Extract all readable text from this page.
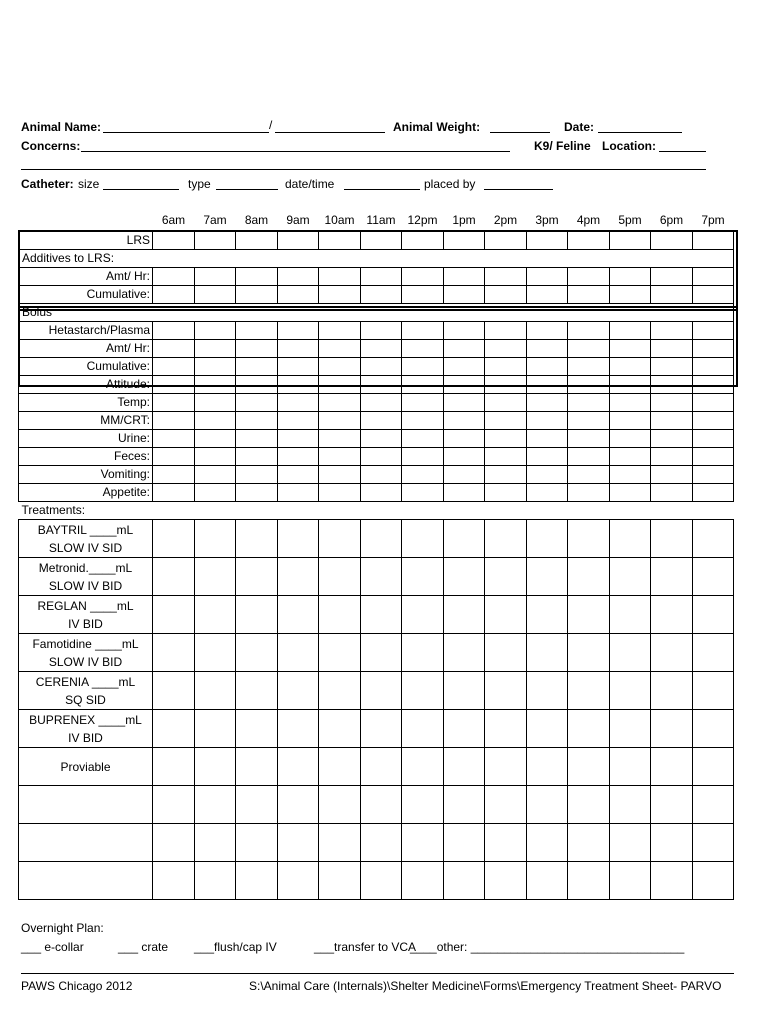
Animal Name:	/	Animal Weight:	Date:
Concerns:	K9/ Feline Location:
Catheter: size	type	date/time	placed by
6am	7am	8am	9am	10am 11am 12pm	1pm	2pm	3pm	4pm	5pm	6pm	7pm
LRS														
Additives to LRS:														
Amt/ Hr:														
Cumulative:														
Bolus														
Hetastarch/Plasma														
Amt/ Hr:														
Cumulative:														
Attitude:														
Temp:														
MM/CRT:														
Urine:														
Feces:														
Vomiting:														
Appetite:														
Treatments:														

BAYTRIL ____mL
SLOW IV SID														

Metronid.____mL
SLOW IV BID														

REGLAN ____mL
IV BID														

Famotidine ____mL
SLOW IV BID														

CERENIA ____mL
SQ SID														

BUPRENEX ____mL
IV BID														

Proviable														

Overnight Plan:
___ e-collar	___ crate ___flush/cap IV	___transfer to VCA
____other: ________________________________
PAWS Chicago 2012	S:\Animal Care (Internals)\Shelter Medicine\Forms\Emergency Treatment Sheet- PARVO
